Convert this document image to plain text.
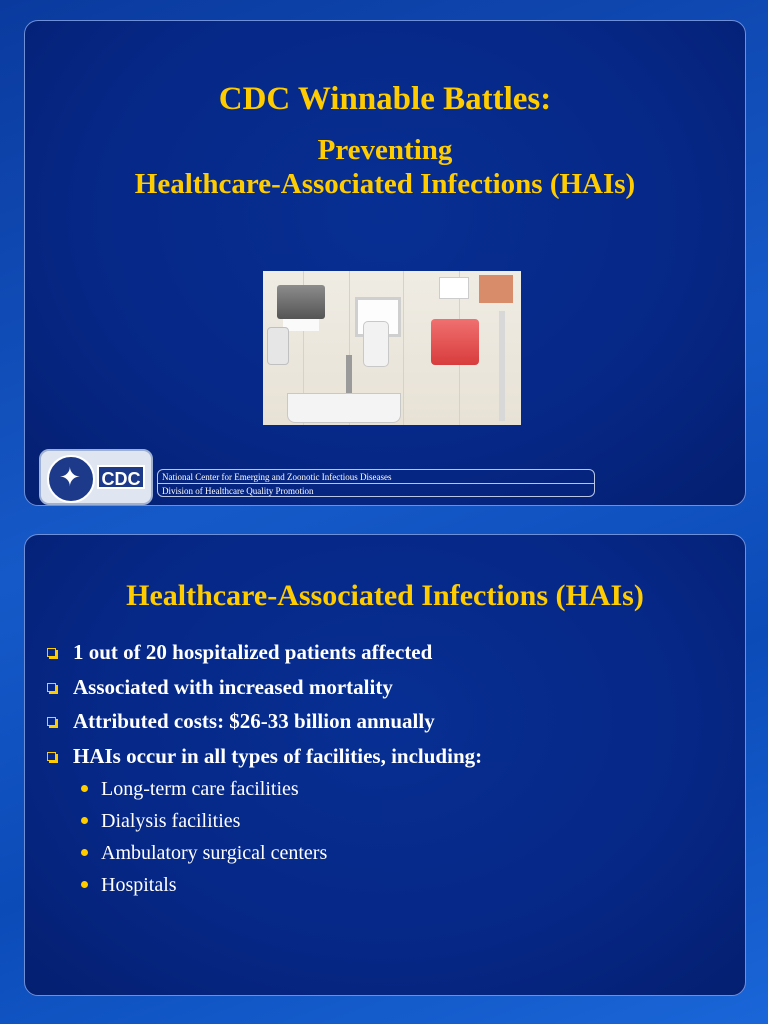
CDC Winnable Battles:
Preventing
Healthcare-Associated Infections (HAIs)
✦ CDC	National Center for Emerging and Zoonotic Infectious Diseases
Division of Healthcare Quality Promotion
Healthcare-Associated Infections (HAIs)
1 out of 20 hospitalized patients affected
Associated with increased mortality
Attributed costs: $26-33 billion annually
HAIs occur in all types of facilities, including:
Long-term care facilities
Dialysis facilities
Ambulatory surgical centers
Hospitals
